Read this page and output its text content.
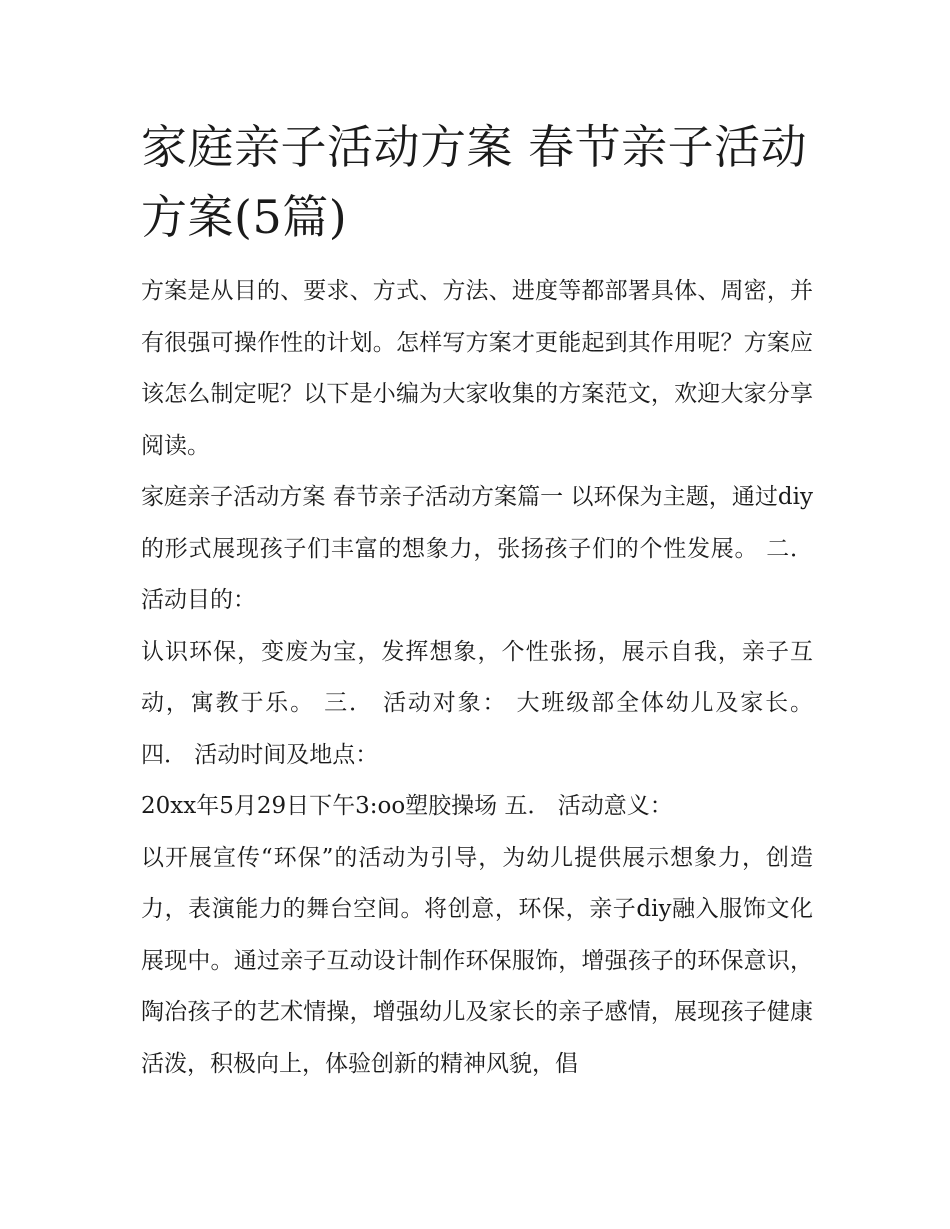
家庭亲子活动方案 春节亲子活动方案(5篇)

方案是从目的、要求、方式、方法、进度等都部署具体、周密，并有很强可操作性的计划。怎样写方案才更能起到其作用呢？方案应该怎么制定呢？以下是小编为大家收集的方案范文，欢迎大家分享阅读。

家庭亲子活动方案 春节亲子活动方案篇一 以环保为主题，通过diy的形式展现孩子们丰富的想象力，张扬孩子们的个性发展。 二． 活动目的：

认识环保，变废为宝，发挥想象，个性张扬，展示自我，亲子互动，寓教于乐。 三． 活动对象： 大班级部全体幼儿及家长。 四． 活动时间及地点：

20xx年5月29日下午3:oo塑胶操场 五． 活动意义：

以开展宣传“环保”的活动为引导，为幼儿提供展示想象力，创造力，表演能力的舞台空间。将创意，环保，亲子diy融入服饰文化展现中。通过亲子互动设计制作环保服饰，增强孩子的环保意识，陶冶孩子的艺术情操，增强幼儿及家长的亲子感情，展现孩子健康活泼，积极向上，体验创新的精神风貌，倡
